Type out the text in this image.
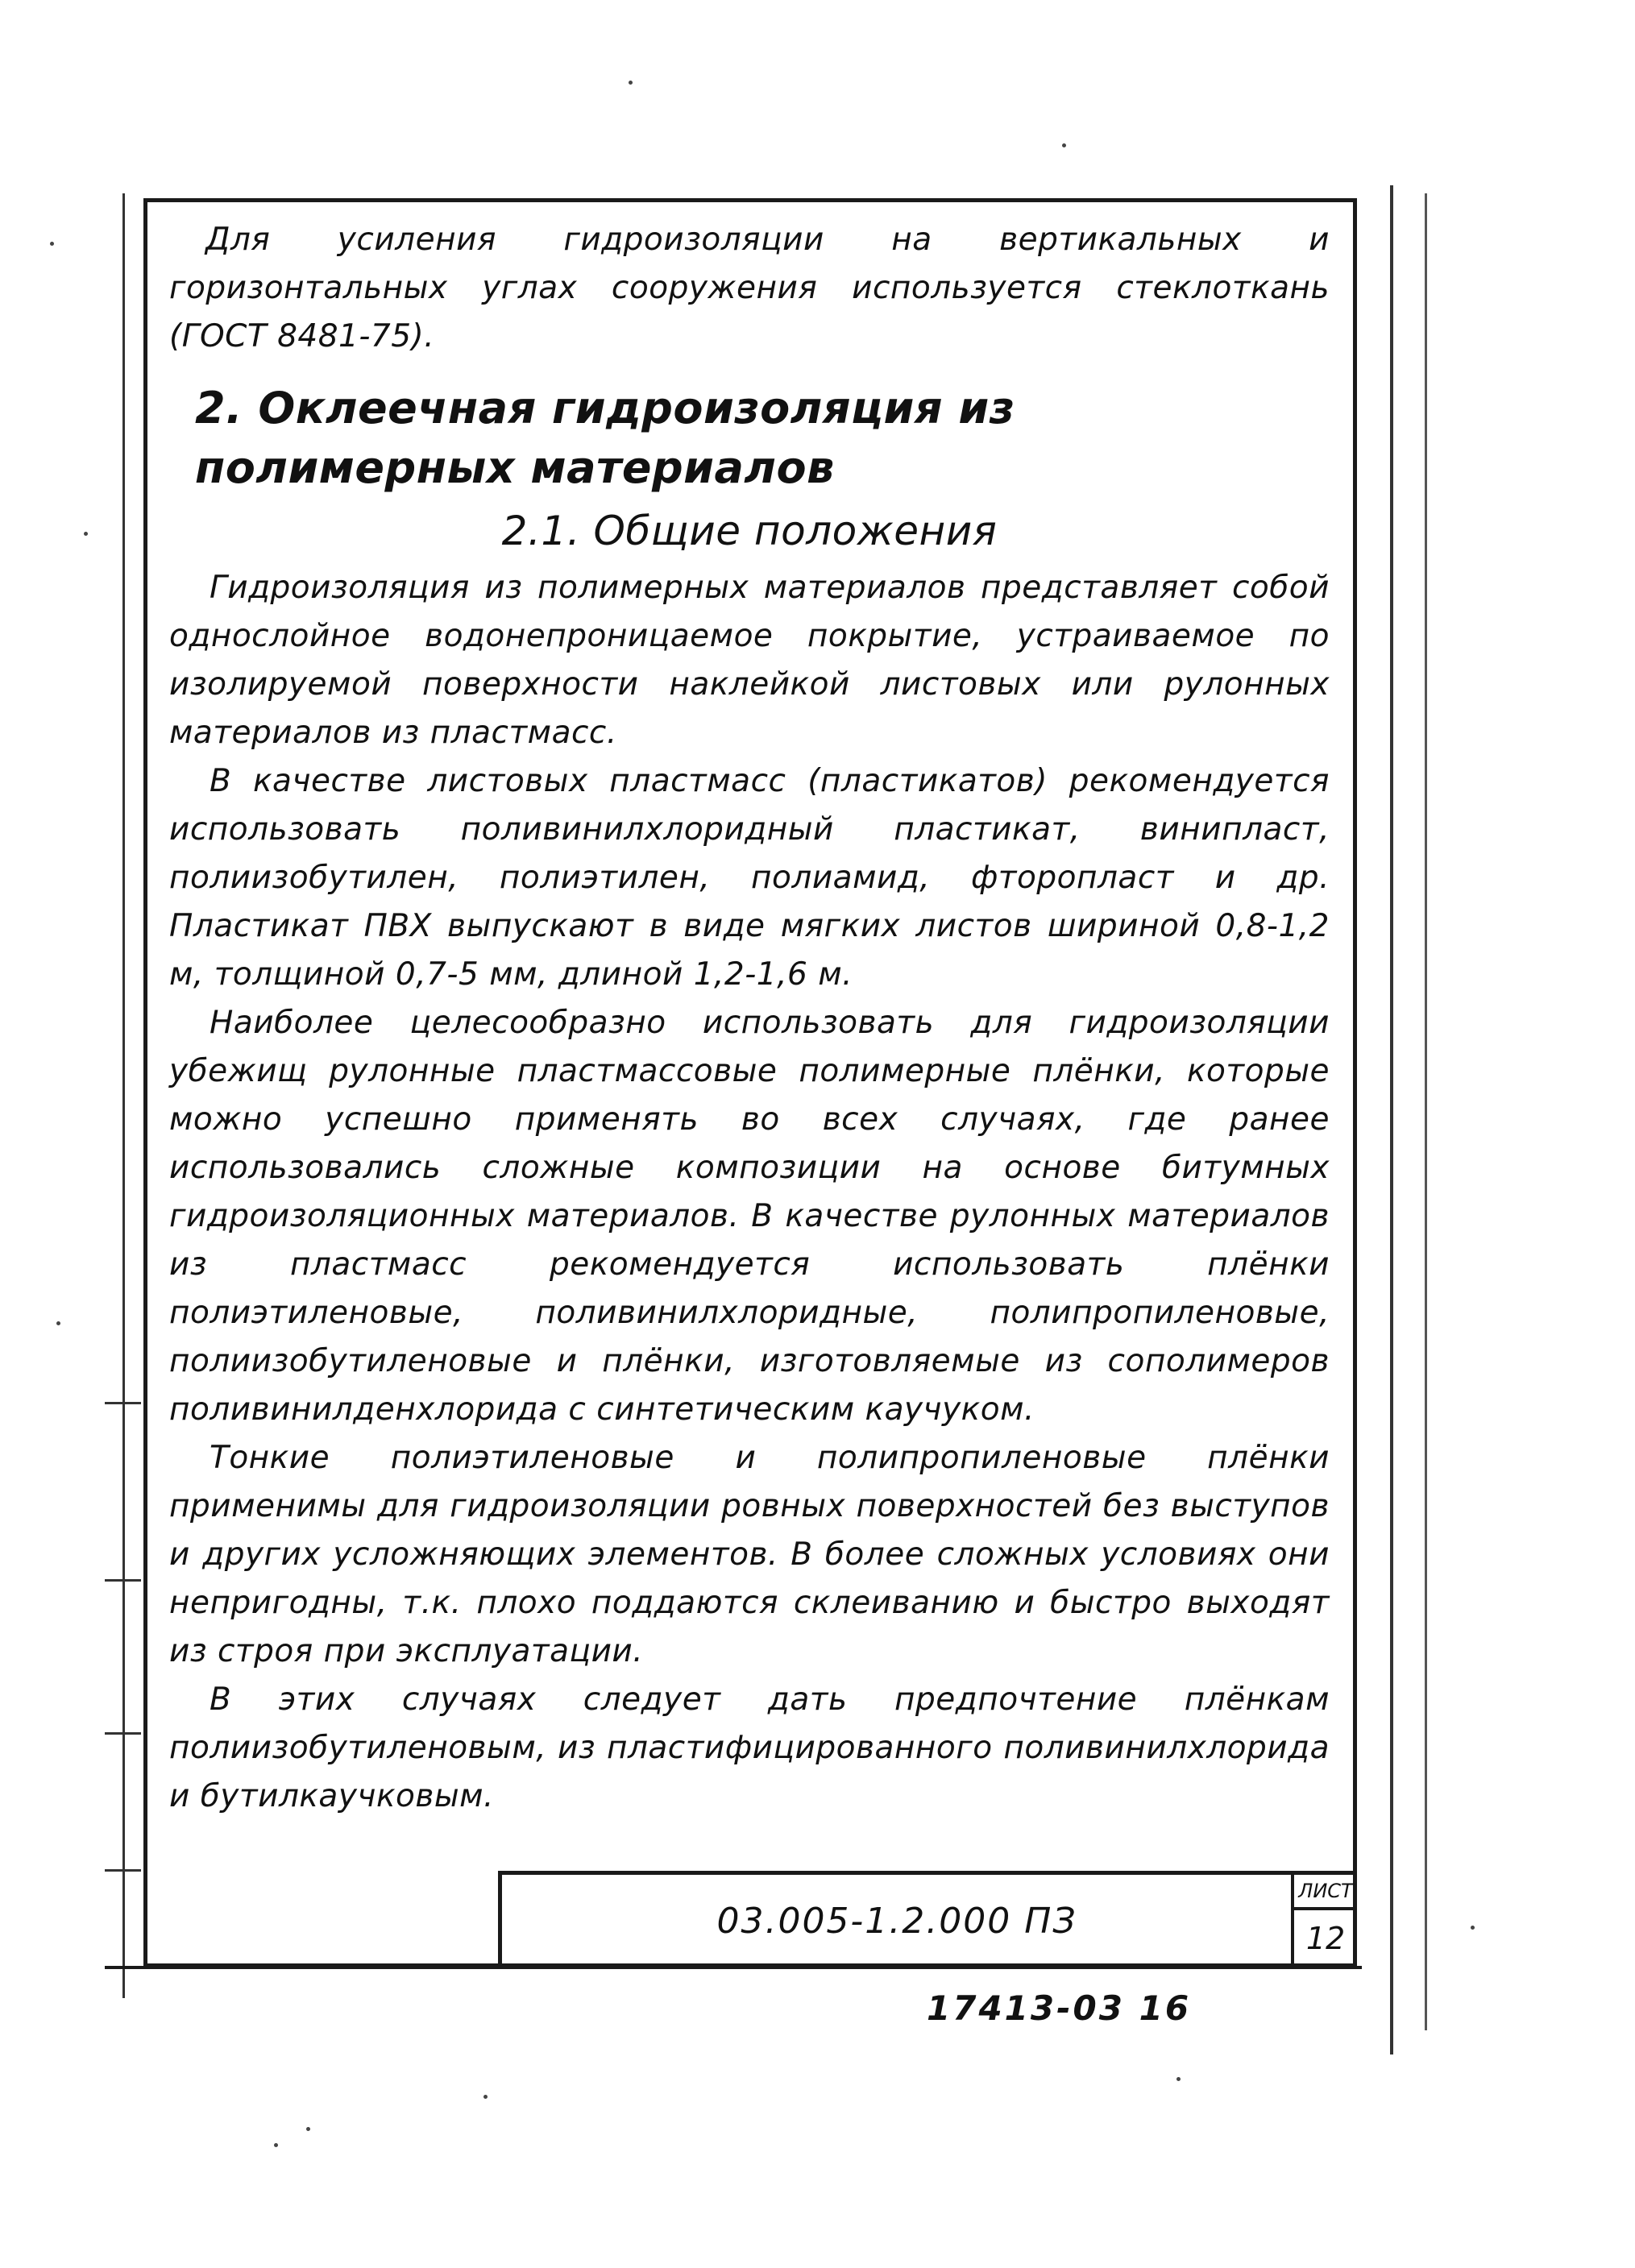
Для усиления гидроизоляции на вертикальных и горизонтальных углах сооружения используется стеклоткань (ГОСТ 8481-75).

2. Оклеечная гидроизоляция из полимерных материалов
2.1. Общие положения

Гидроизоляция из полимерных материалов представляет собой однослойное водонепроницаемое покрытие, устраиваемое по изолируемой поверхности наклейкой листовых или рулонных материалов из пластмасс.

В качестве листовых пластмасс (пластикатов) рекомендуется использовать поливинилхлоридный пластикат, винипласт, полиизобутилен, полиэтилен, полиамид, фторопласт и др. Пластикат ПВХ выпускают в виде мягких листов шириной 0,8-1,2 м, толщиной 0,7-5 мм, длиной 1,2-1,6 м.

Наиболее целесообразно использовать для гидроизоляции убежищ рулонные пластмассовые полимерные плёнки, которые можно успешно применять во всех случаях, где ранее использовались сложные композиции на основе битумных гидроизоляционных материалов. В качестве рулонных материалов из пластмасс рекомендуется использовать плёнки полиэтиленовые, поливинилхлоридные, полипропиленовые, полиизобутиленовые и плёнки, изготовляемые из сополимеров поливинилденхлорида с синтетическим каучуком.

Тонкие полиэтиленовые и полипропиленовые плёнки применимы для гидроизоляции ровных поверхностей без выступов и других усложняющих элементов. В более сложных условиях они непригодны, т.к. плохо поддаются склеиванию и быстро выходят из строя при эксплуатации.

В этих случаях следует дать предпочтение плёнкам полиизобутиленовым, из пластифицированного поливинилхлорида и бутилкаучковым.

03.005-1.2.000 ПЗ
ЛИСТ
12
17413-03 16
